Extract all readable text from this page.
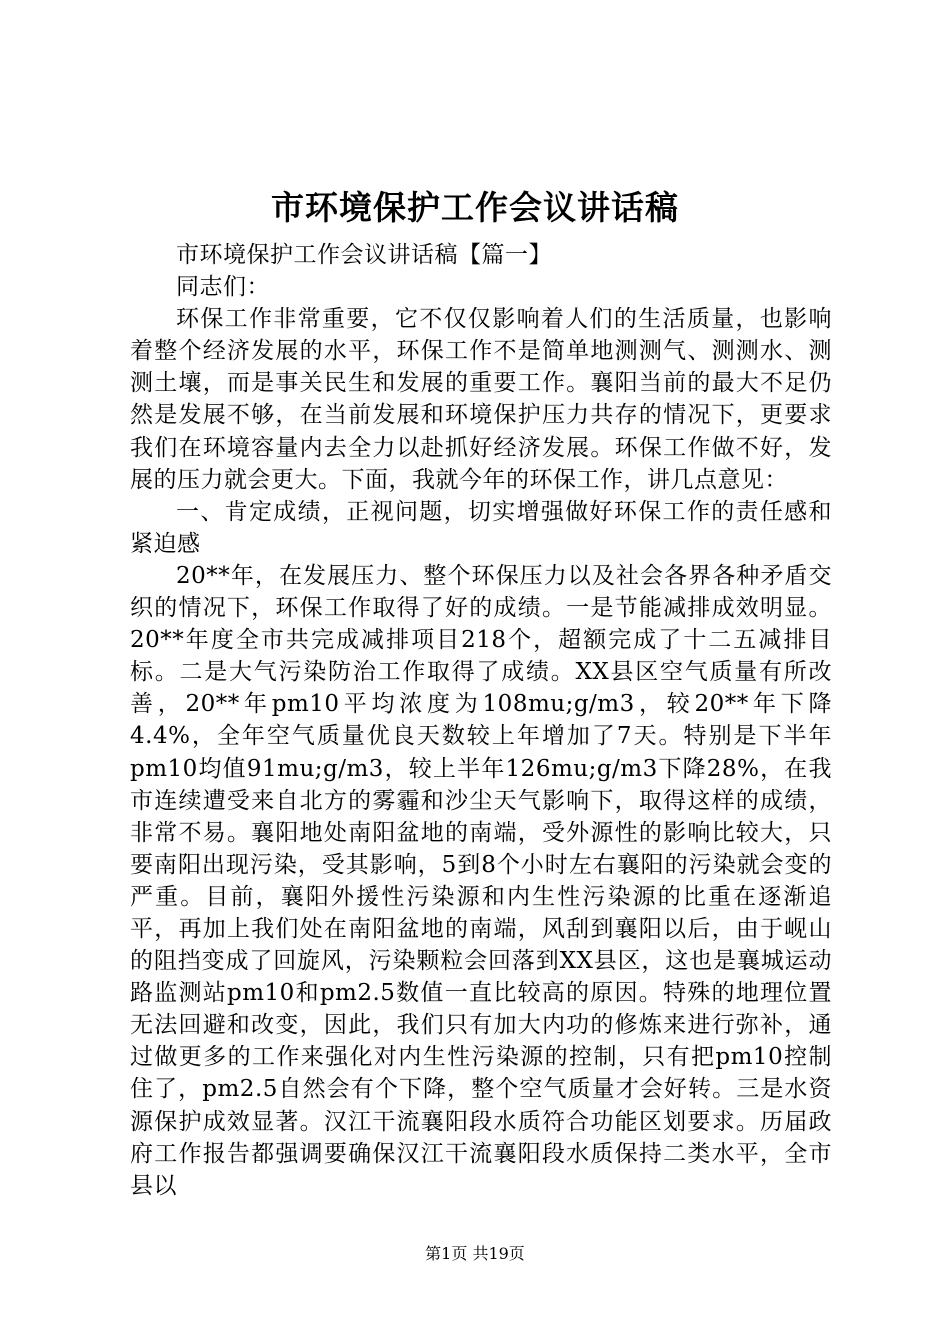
市环境保护工作会议讲话稿

市环境保护工作会议讲话稿【篇一】

同志们：

环保工作非常重要，它不仅仅影响着人们的生活质量，也影响着整个经济发展的水平，环保工作不是简单地测测气、测测水、测测土壤，而是事关民生和发展的重要工作。襄阳当前的最大不足仍然是发展不够，在当前发展和环境保护压力共存的情况下，更要求我们在环境容量内去全力以赴抓好经济发展。环保工作做不好，发展的压力就会更大。下面，我就今年的环保工作，讲几点意见：

一、肯定成绩，正视问题，切实增强做好环保工作的责任感和紧迫感

20**年，在发展压力、整个环保压力以及社会各界各种矛盾交织的情况下，环保工作取得了好的成绩。一是节能减排成效明显。20**年度全市共完成减排项目218个，超额完成了十二五减排目标。二是大气污染防治工作取得了成绩。XX县区空气质量有所改善，20**年pm10平均浓度为108mu;g/m3，较20**年下降4.4%，全年空气质量优良天数较上年增加了7天。特别是下半年pm10均值91mu;g/m3，较上半年126mu;g/m3下降28%，在我市连续遭受来自北方的雾霾和沙尘天气影响下，取得这样的成绩，非常不易。襄阳地处南阳盆地的南端，受外源性的影响比较大，只要南阳出现污染，受其影响，5到8个小时左右襄阳的污染就会变的严重。目前，襄阳外援性污染源和内生性污染源的比重在逐渐追平，再加上我们处在南阳盆地的南端，风刮到襄阳以后，由于岘山的阻挡变成了回旋风，污染颗粒会回落到XX县区，这也是襄城运动路监测站pm10和pm2.5数值一直比较高的原因。特殊的地理位置无法回避和改变，因此，我们只有加大内功的修炼来进行弥补，通过做更多的工作来强化对内生性污染源的控制，只有把pm10控制住了，pm2.5自然会有个下降，整个空气质量才会好转。三是水资源保护成效显著。汉江干流襄阳段水质符合功能区划要求。历届政府工作报告都强调要确保汉江干流襄阳段水质保持二类水平，全市县以

第1页 共19页
